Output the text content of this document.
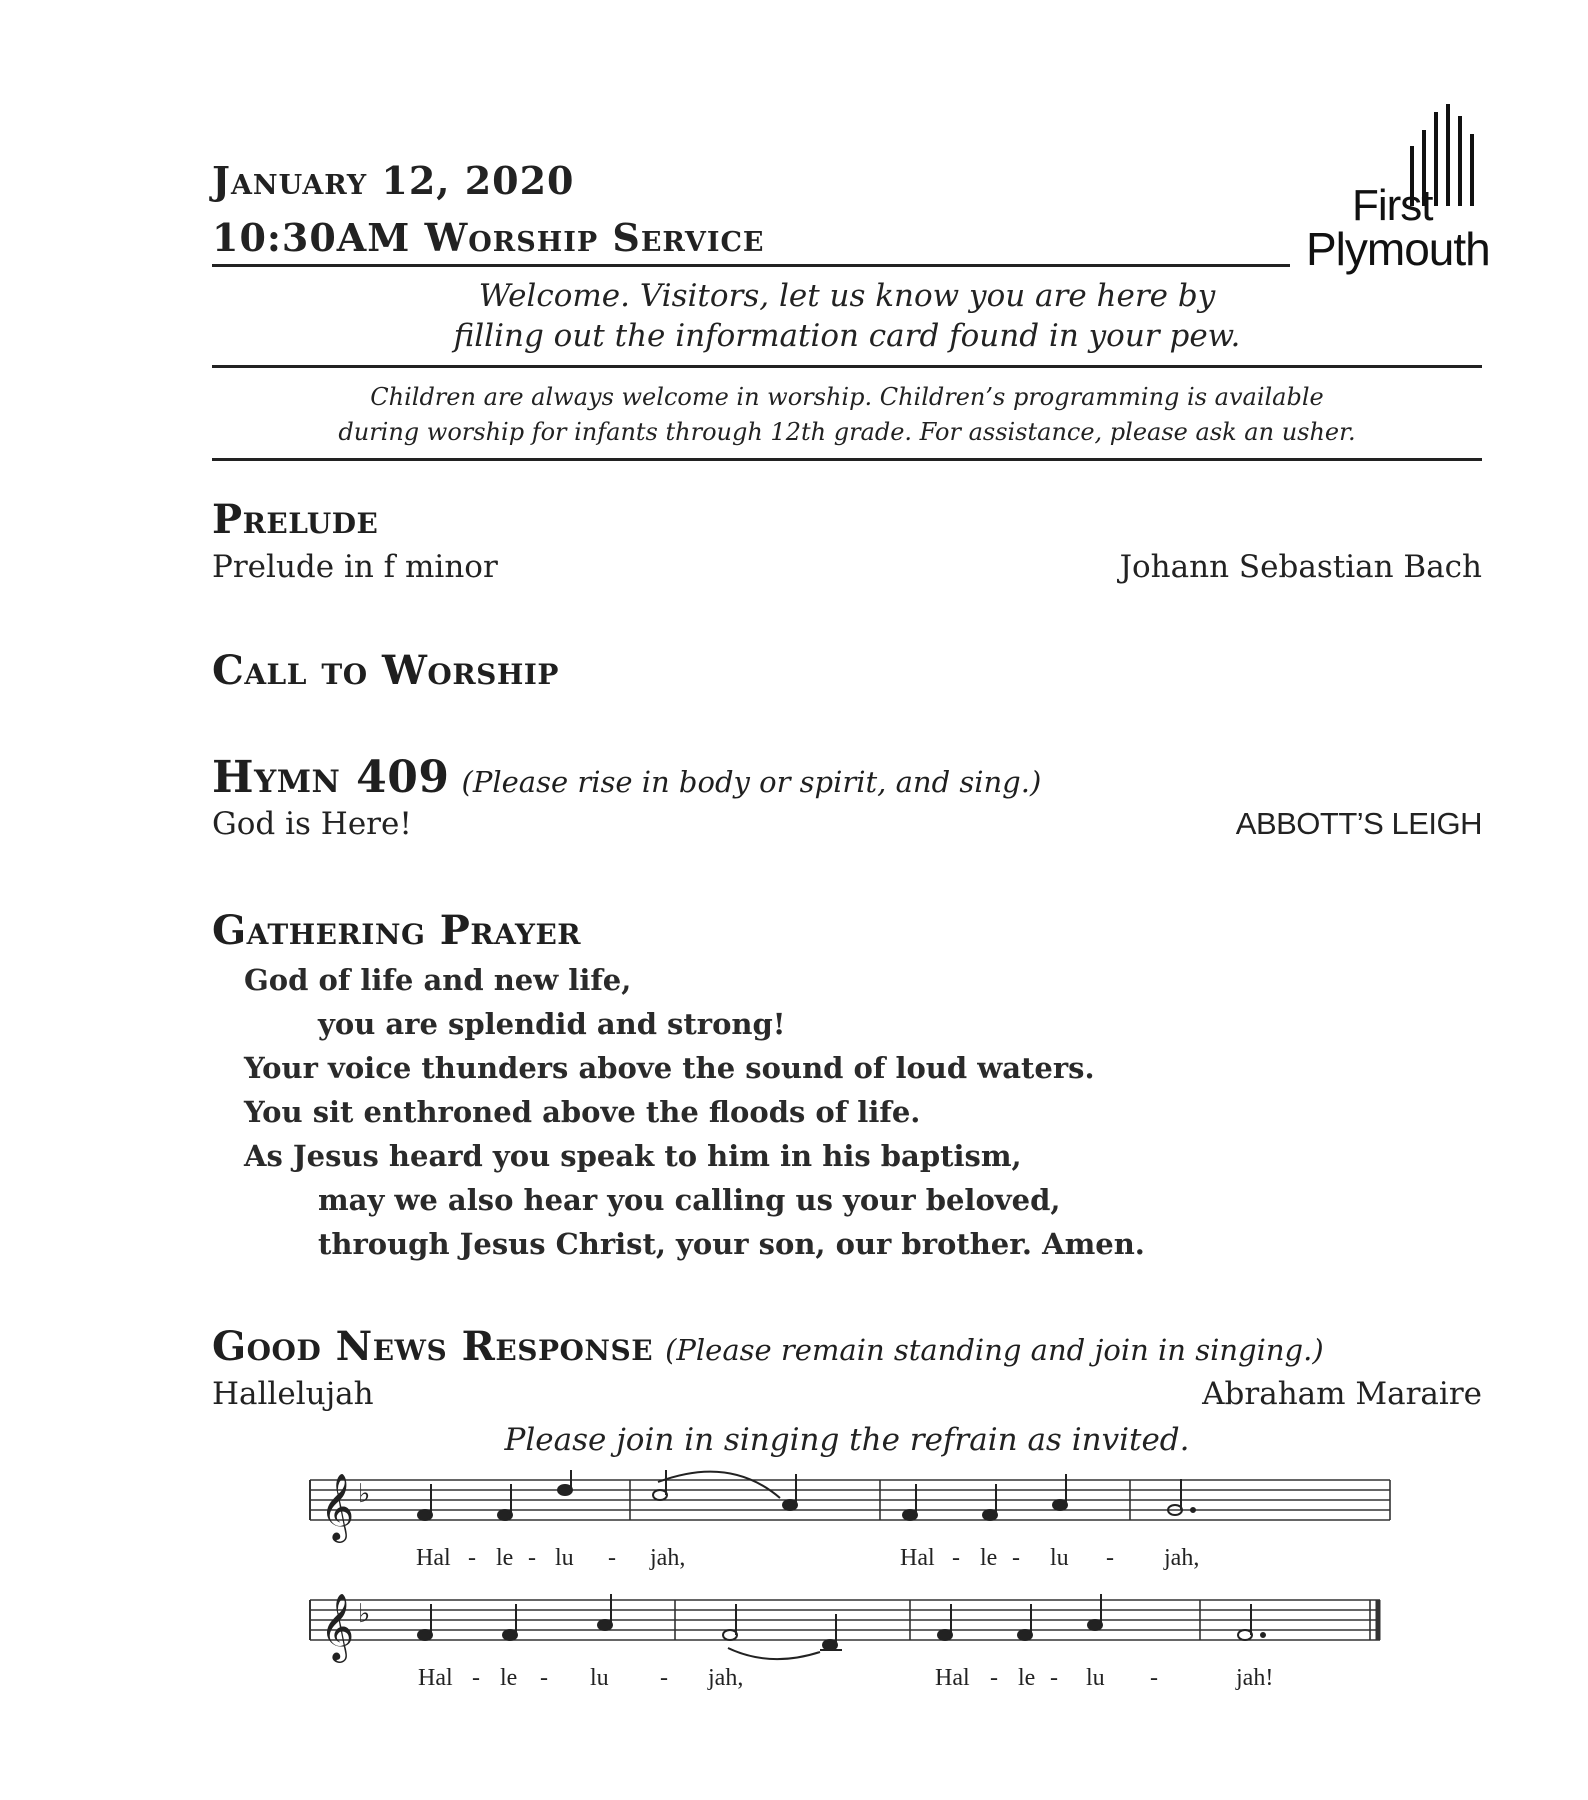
January 12, 2020
10:30AM Worship Service
First
Plymouth
Welcome. Visitors, let us know you are here by
filling out the information card found in your pew.
Children are always welcome in worship. Children’s programming is available
during worship for infants through 12th grade. For assistance, please ask an usher.
Prelude
Prelude in f minor	Johann Sebastian Bach
Call to Worship
Hymn 409 (Please rise in body or spirit, and sing.)
God is Here!	ABBOTT’S LEIGH
Gathering Prayer
God of life and new life,
you are splendid and strong!
Your voice thunders above the sound of loud waters.
You sit enthroned above the floods of life.
As Jesus heard you speak to him in his baptism,
may we also hear you calling us your beloved,
through Jesus Christ, your son, our brother. Amen.
Good News Response (Please remain standing and join in singing.)
Hallelujah	Abraham Maraire
Please join in singing the refrain as invited.
𝄞 ♭
Hal - le - lu - jah,	Hal - le - lu - jah,
𝄞 ♭
Hal - le - lu - jah,	Hal - le - lu -	jah!
